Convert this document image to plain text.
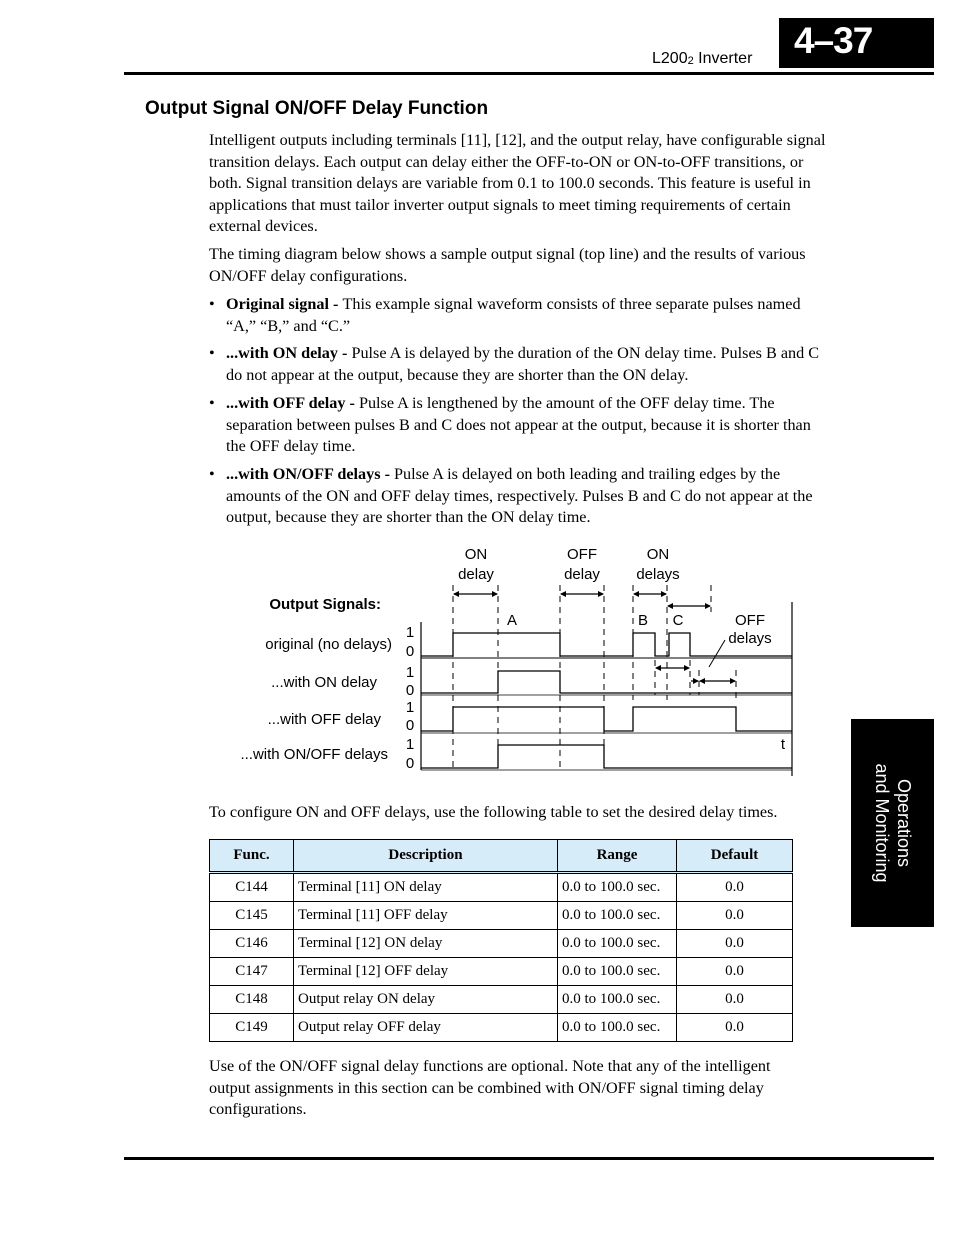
$L200_2$ Inverter 4–37
Operations
and Monitoring
Output Signal ON/OFF Delay Function

Intelligent outputs including terminals [11], [12], and the output relay, have configurable signal transition delays. Each output can delay either the OFF-to-ON or ON-to-OFF transitions, or both. Signal transition delays are variable from 0.1 to 100.0 seconds. This feature is useful in applications that must tailor inverter output signals to meet timing requirements of certain external devices.

The timing diagram below shows a sample output signal (top line) and the results of various ON/OFF delay configurations.

• Original signal - This example signal waveform consists of three separate pulses named “A,” “B,” and “C.”
• ...with ON delay - Pulse A is delayed by the duration of the ON delay time. Pulses B and C do not appear at the output, because they are shorter than the ON delay.
• ...with OFF delay - Pulse A is lengthened by the amount of the OFF delay time. The separation between pulses B and C does not appear at the output, because it is shorter than the OFF delay time.
• ...with ON/OFF delays - Pulse A is delayed on both leading and trailing edges by the amounts of the ON and OFF delay times, respectively. Pulses B and C do not appear at the output, because they are shorter than the ON delay time.
ON
delay
OFF
delay
ON
delays
Output Signals:
original (no delays)
...with ON delay
...with OFF delay
...with ON/OFF delays
1
0
1
0
1
0
1
0
A	B C	OFF
delays
t

To configure ON and OFF delays, use the following table to set the desired delay times.

Func.	Description	Range	Default
C144	Terminal [11] ON delay	0.0 to 100.0 sec.	0.0
C145	Terminal [11] OFF delay	0.0 to 100.0 sec.	0.0
C146	Terminal [12] ON delay	0.0 to 100.0 sec.	0.0
C147	Terminal [12] OFF delay	0.0 to 100.0 sec.	0.0
C148	Output relay ON delay	0.0 to 100.0 sec.	0.0
C149	Output relay OFF delay	0.0 to 100.0 sec.	0.0

Use of the ON/OFF signal delay functions are optional. Note that any of the intelligent output assignments in this section can be combined with ON/OFF signal timing delay configurations.
